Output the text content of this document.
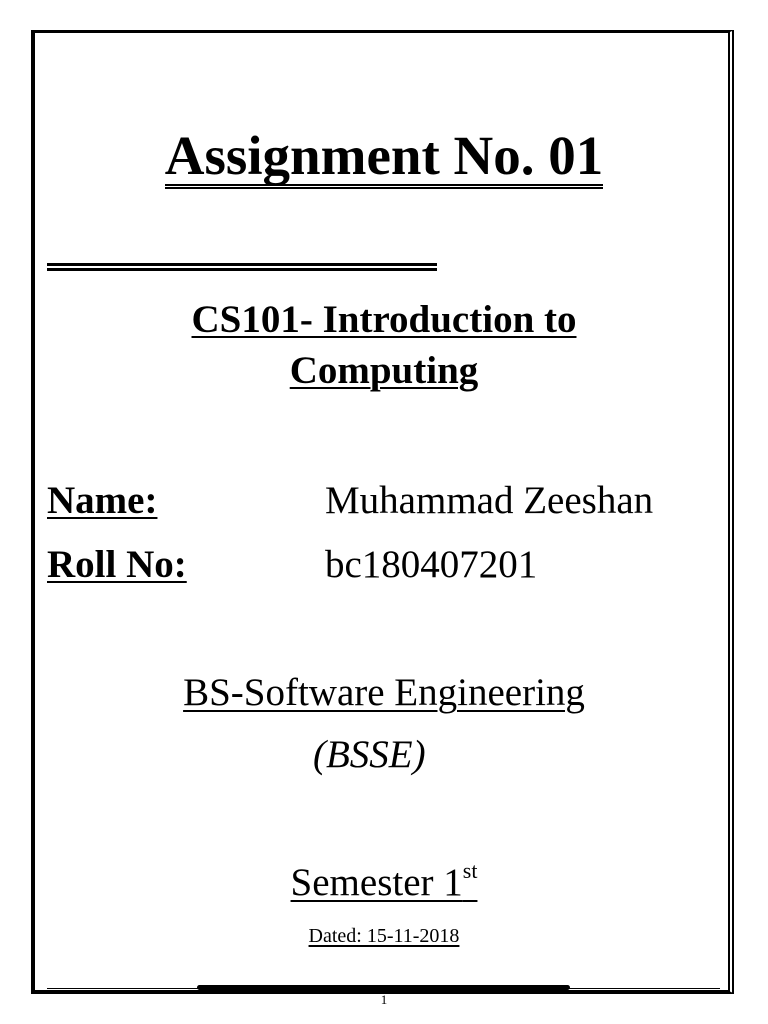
Assignment No. 01
CS101- Introduction to
Computing
Name:	Muhammad Zeeshan
Roll No:	bc180407201
BS-Software Engineering
(BSSE)
Semester 1st
Dated: 15-11-2018
1
